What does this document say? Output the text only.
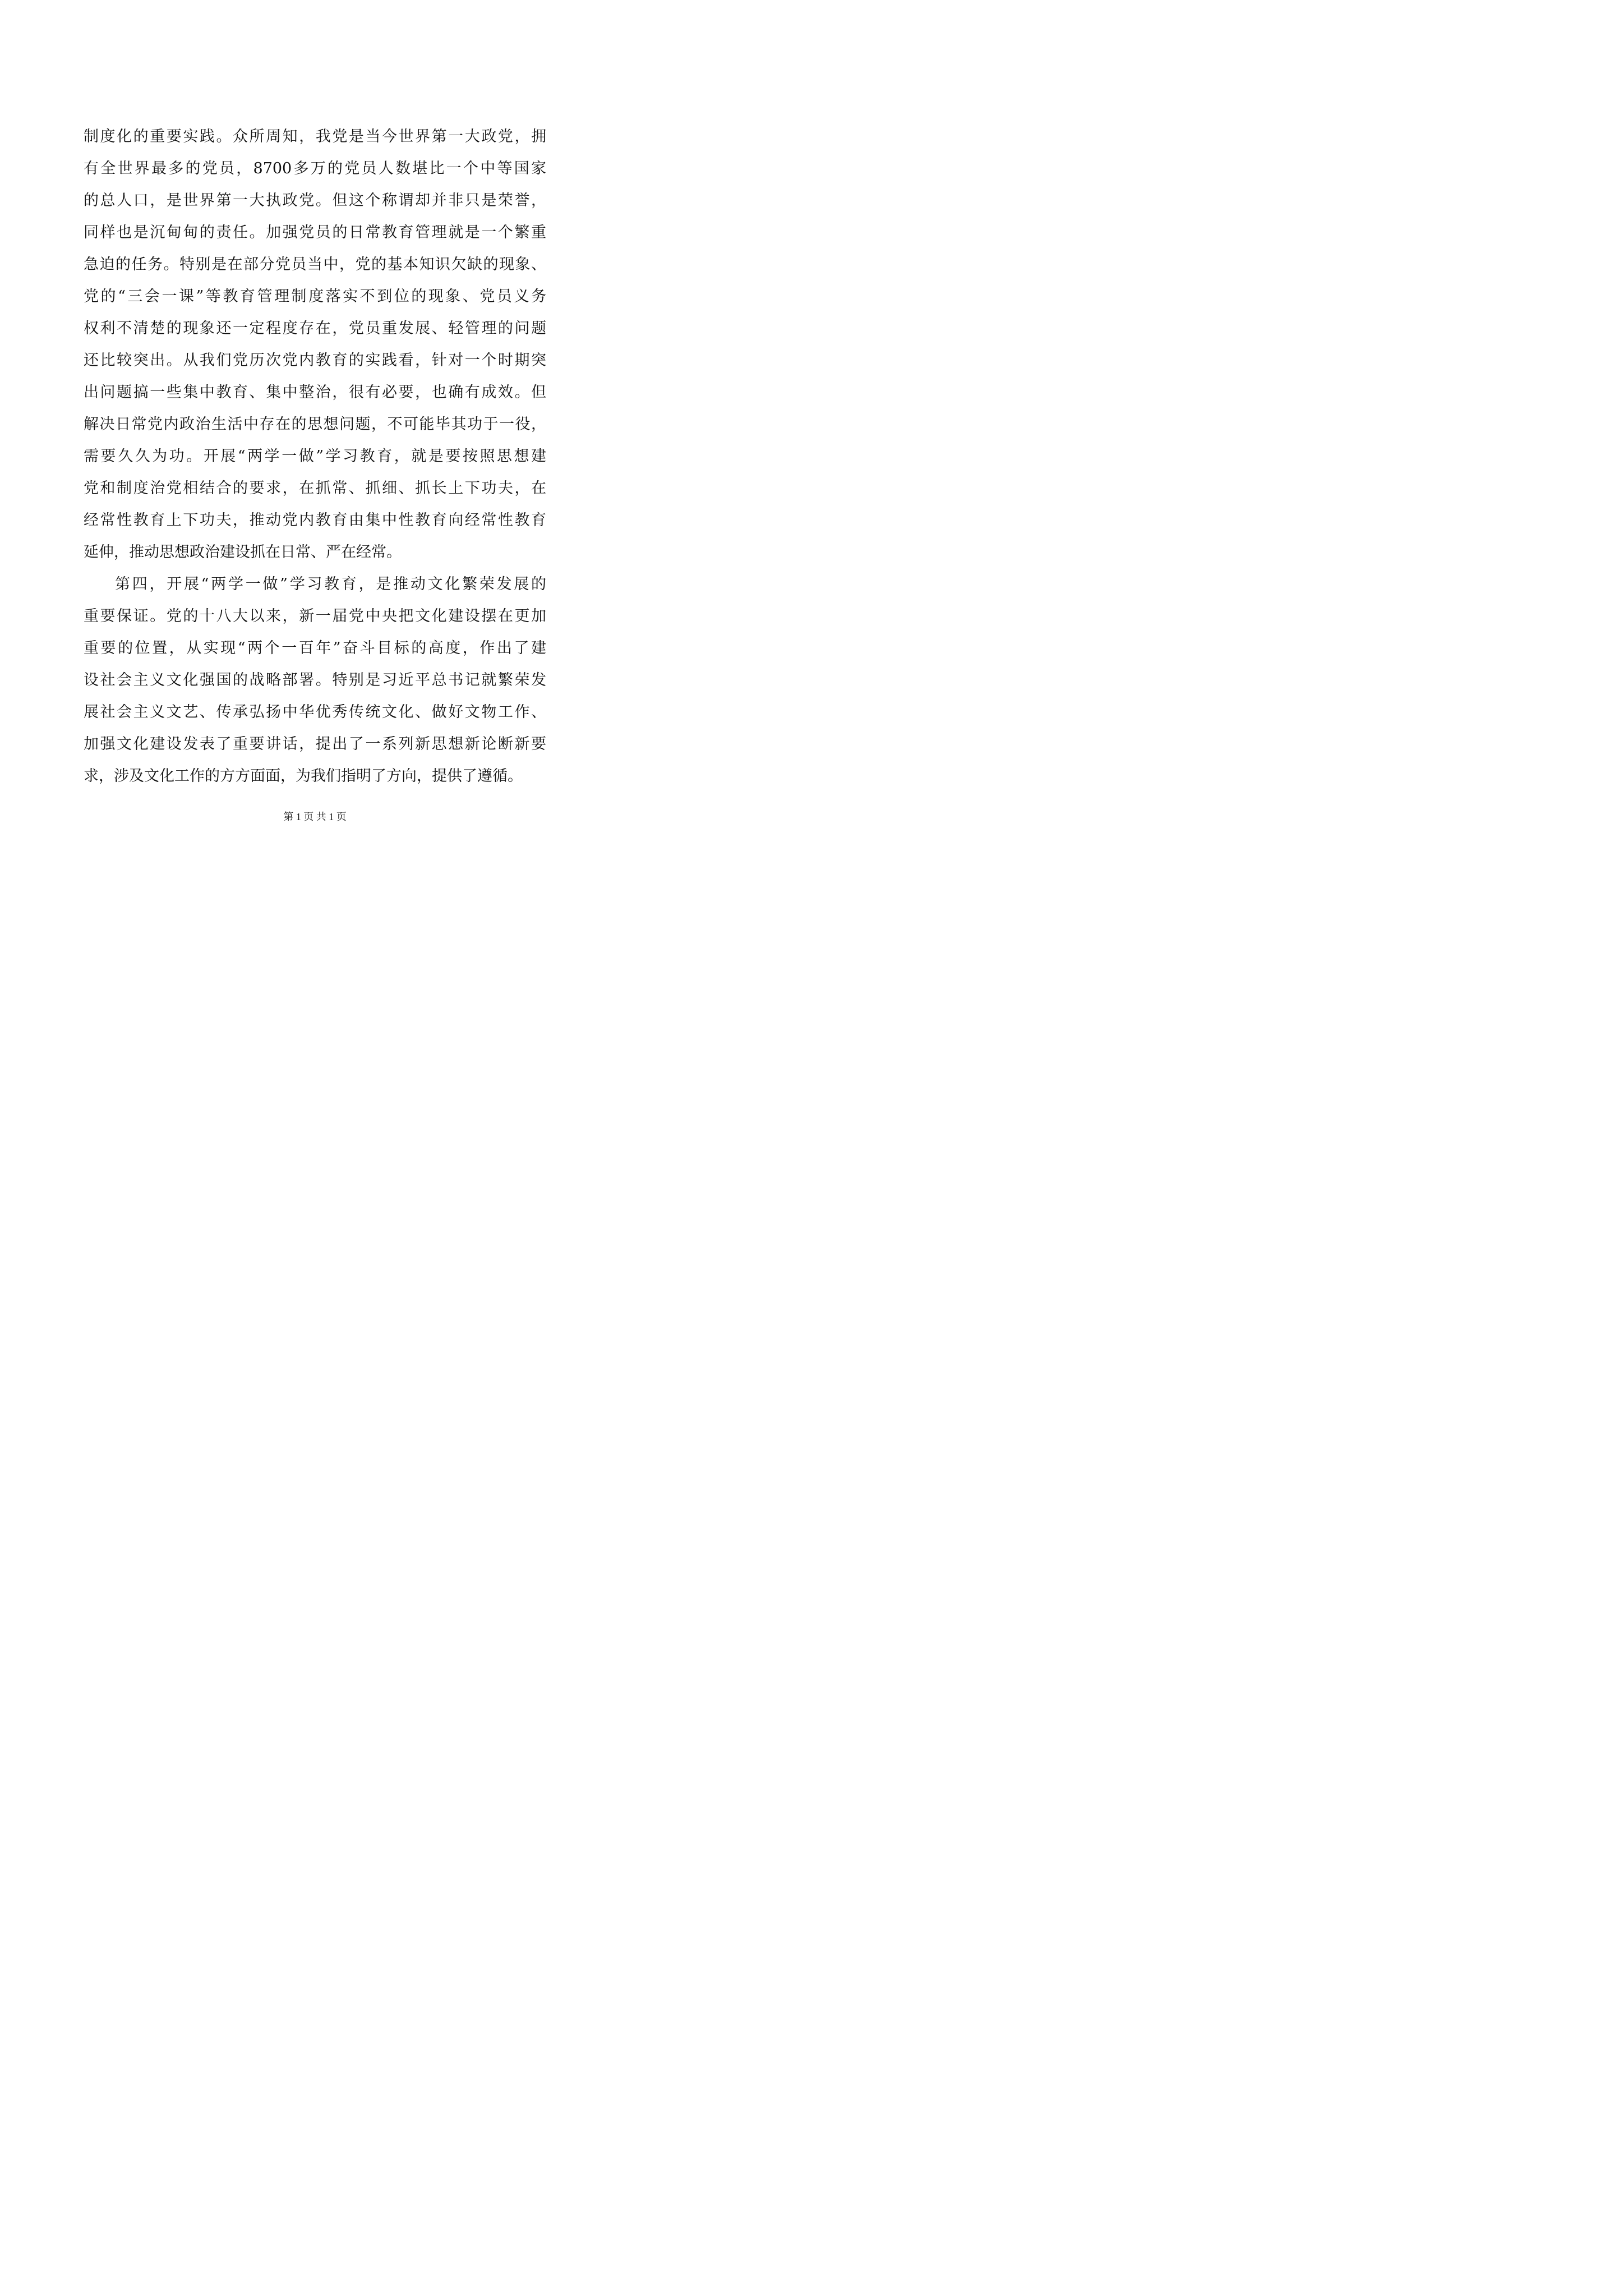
制度化的重要实践。众所周知，我党是当今世界第一大政党，拥
有全世界最多的党员，8700多万的党员人数堪比一个中等国家
的总人口，是世界第一大执政党。但这个称谓却并非只是荣誉，
同样也是沉甸甸的责任。加强党员的日常教育管理就是一个繁重
急迫的任务。特别是在部分党员当中，党的基本知识欠缺的现象、
党的“三会一课”等教育管理制度落实不到位的现象、党员义务
权利不清楚的现象还一定程度存在，党员重发展、轻管理的问题
还比较突出。从我们党历次党内教育的实践看，针对一个时期突
出问题搞一些集中教育、集中整治，很有必要，也确有成效。但
解决日常党内政治生活中存在的思想问题，不可能毕其功于一役，
需要久久为功。开展“两学一做”学习教育，就是要按照思想建
党和制度治党相结合的要求，在抓常、抓细、抓长上下功夫，在
经常性教育上下功夫，推动党内教育由集中性教育向经常性教育
延伸，推动思想政治建设抓在日常、严在经常。
第四，开展“两学一做”学习教育，是推动文化繁荣发展的
重要保证。党的十八大以来，新一届党中央把文化建设摆在更加
重要的位置，从实现“两个一百年”奋斗目标的高度，作出了建
设社会主义文化强国的战略部署。特别是习近平总书记就繁荣发
展社会主义文艺、传承弘扬中华优秀传统文化、做好文物工作、
加强文化建设发表了重要讲话，提出了一系列新思想新论断新要
求，涉及文化工作的方方面面，为我们指明了方向，提供了遵循。
第 1 页 共 1 页
